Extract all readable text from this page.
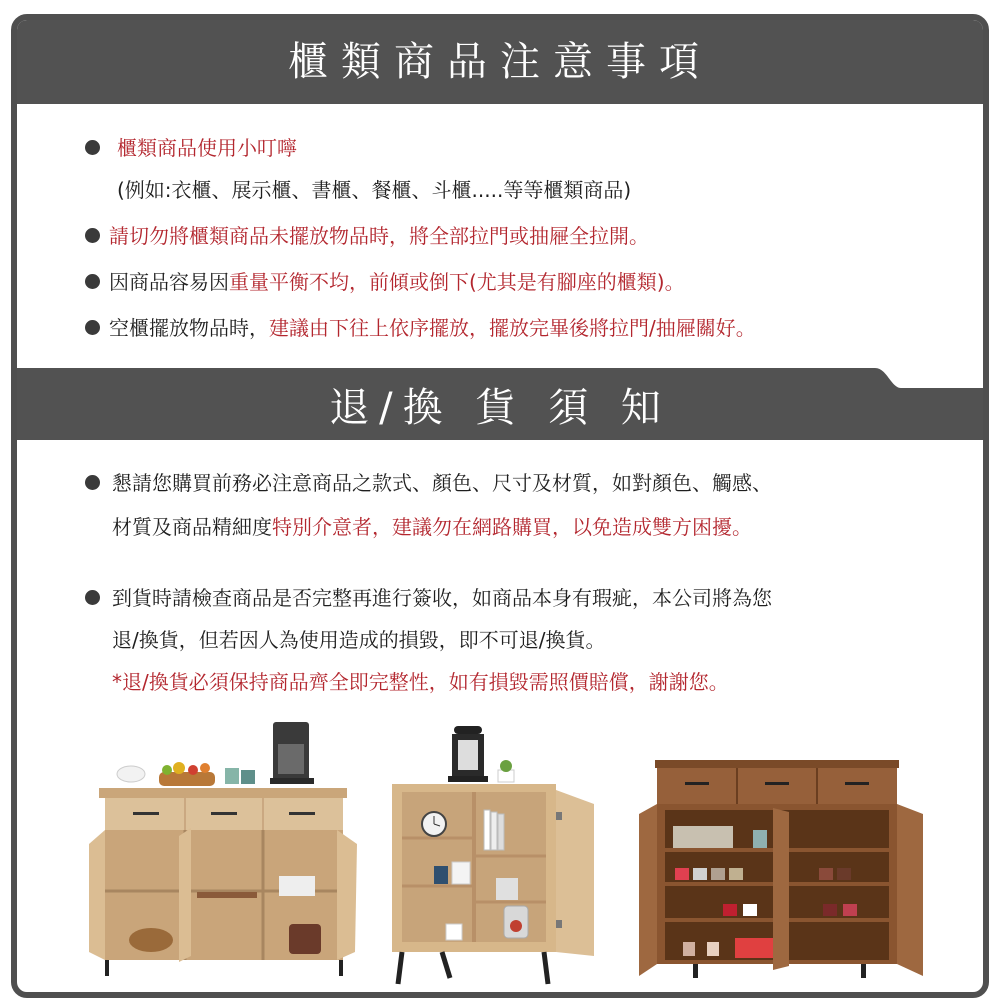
櫃類商品注意事項
櫃類商品使用小叮嚀
(例如:衣櫃、展示櫃、書櫃、餐櫃、斗櫃.....等等櫃類商品)
請切勿將櫃類商品未擺放物品時，將全部拉門或抽屜全拉開。
因商品容易因重量平衡不均，前傾或倒下(尤其是有腳座的櫃類)。
空櫃擺放物品時，建議由下往上依序擺放，擺放完畢後將拉門/抽屜關好。
退/換 貨 須 知
懇請您購買前務必注意商品之款式、顏色、尺寸及材質，如對顏色、觸感、
材質及商品精細度特別介意者，建議勿在網路購買，以免造成雙方困擾。
到貨時請檢查商品是否完整再進行簽收，如商品本身有瑕疵，本公司將為您
退/換貨，但若因人為使用造成的損毀，即不可退/換貨。
*退/換貨必須保持商品齊全即完整性，如有損毀需照價賠償，謝謝您。
